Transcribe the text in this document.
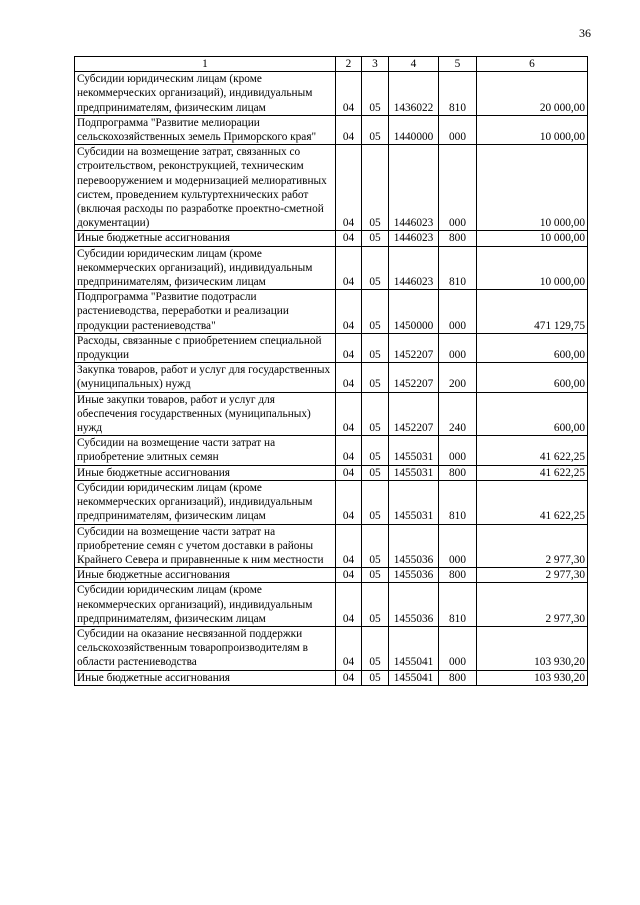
36
1	2	3	4	5	6
Субсидии юридическим лицам (кроме некоммерческих организаций), индивидуальным предпринимателям, физическим лицам	04	05	1436022	810	20 000,00
Подпрограмма "Развитие мелиорации сельскохозяйственных земель Приморского края"	04	05	1440000	000	10 000,00
Субсидии на возмещение затрат, связанных со строительством, реконструкцией, техническим перевооружением и модернизацией мелиоративных систем, проведением культуртехнических работ (включая расходы по разработке проектно-сметной документации)	04	05	1446023	000	10 000,00
Иные бюджетные ассигнования	04	05	1446023	800	10 000,00
Субсидии юридическим лицам (кроме некоммерческих организаций), индивидуальным предпринимателям, физическим лицам	04	05	1446023	810	10 000,00
Подпрограмма "Развитие подотрасли растениеводства, переработки и реализации продукции растениеводства"	04	05	1450000	000	471 129,75
Расходы, связанные с приобретением специальной продукции	04	05	1452207	000	600,00
Закупка товаров, работ и услуг для государственных (муниципальных) нужд	04	05	1452207	200	600,00
Иные закупки товаров, работ и услуг для обеспечения государственных (муниципальных) нужд	04	05	1452207	240	600,00
Субсидии на возмещение части затрат на приобретение элитных семян	04	05	1455031	000	41 622,25
Иные бюджетные ассигнования	04	05	1455031	800	41 622,25
Субсидии юридическим лицам (кроме некоммерческих организаций), индивидуальным предпринимателям, физическим лицам	04	05	1455031	810	41 622,25
Субсидии на возмещение части затрат на приобретение семян с учетом доставки в районы Крайнего Севера и приравненные к ним местности	04	05	1455036	000	2 977,30
Иные бюджетные ассигнования	04	05	1455036	800	2 977,30
Субсидии юридическим лицам (кроме некоммерческих организаций), индивидуальным предпринимателям, физическим лицам	04	05	1455036	810	2 977,30
Субсидии на оказание несвязанной поддержки сельскохозяйственным товаропроизводителям в области растениеводства	04	05	1455041	000	103 930,20
Иные бюджетные ассигнования	04	05	1455041	800	103 930,20
